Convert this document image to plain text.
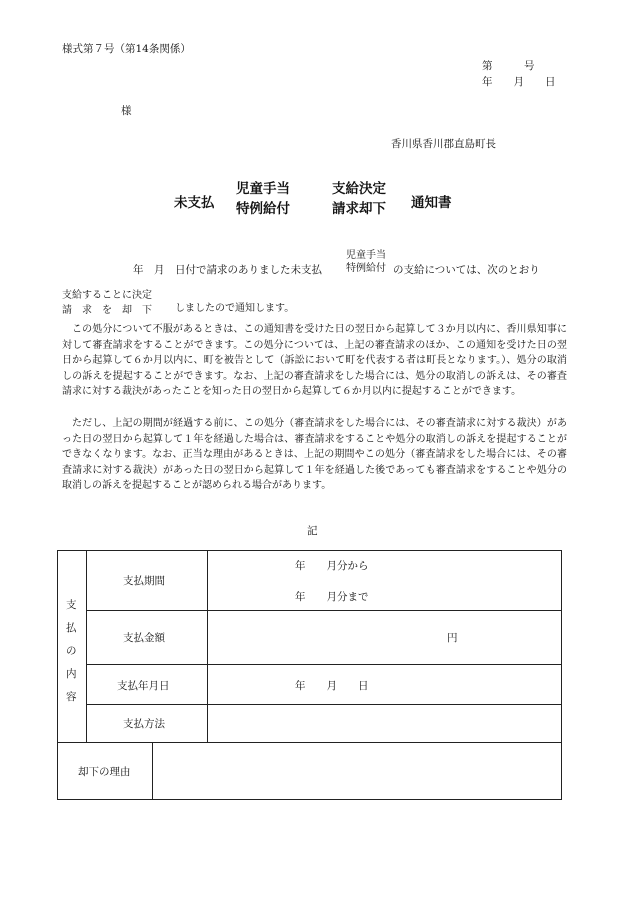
様式第７号（第14条関係）
第　　　号
年　　月　　日
様
香川県香川郡直島町長
未支払
児童手当
特例給付
支給決定
請求却下 通知書
年　月　日付で請求のありました未支払
児童手当
特例給付 の支給については、次のとおり
支給することに決定
請　求　を　却　下 しましたので通知します。
この処分について不服があるときは、この通知書を受けた日の翌日から起算して３か月以内に、香川県知事に対して審査請求をすることができます。この処分については、上記の審査請求のほか、この通知を受けた日の翌日から起算して６か月以内に、町を被告として（訴訟において町を代表する者は町長となります。）、処分の取消しの訴えを提起することができます。なお、上記の審査請求をした場合には、処分の取消しの訴えは、その審査請求に対する裁決があったことを知った日の翌日から起算して６か月以内に提起することができます。
ただし、上記の期間が経過する前に、この処分（審査請求をした場合には、その審査請求に対する裁決）があった日の翌日から起算して１年を経過した場合は、審査請求をすることや処分の取消しの訴えを提起することができなくなります。なお、正当な理由があるときは、上記の期間やこの処分（審査請求をした場合には、その審査請求に対する裁決）があった日の翌日から起算して１年を経過した後であっても審査請求をすることや処分の取消しの訴えを提起することが認められる場合があります。
記
支
払
の
内
容
支払期間
年　　月分から
年　　月分まで
支払金額	円
支払年月日	年　　月　　日
支払方法
却下の理由
